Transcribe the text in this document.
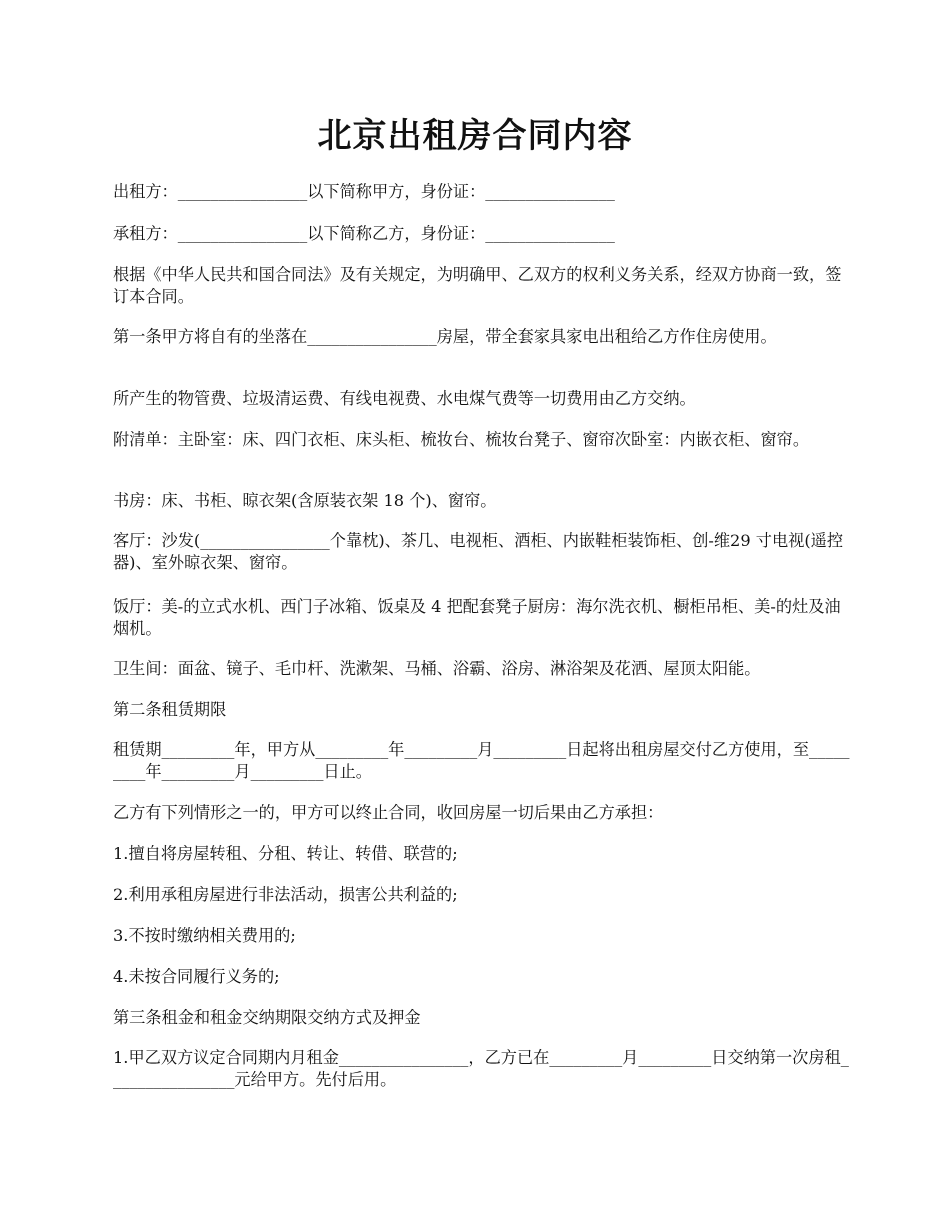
北京出租房合同内容

出租方：________________以下简称甲方，身份证：________________

承租方：________________以下简称乙方，身份证：________________

根据《中华人民共和国合同法》及有关规定，为明确甲、乙双方的权利义务关系，经双方协商一致，签订本合同。

第一条甲方将自有的坐落在________________房屋，带全套家具家电出租给乙方作住房使用。

所产生的物管费、垃圾清运费、有线电视费、水电煤气费等一切费用由乙方交纳。

附清单：主卧室：床、四门衣柜、床头柜、梳妆台、梳妆台凳子、窗帘次卧室：内嵌衣柜、窗帘。

书房：床、书柜、晾衣架(含原装衣架 18 个)、窗帘。

客厅：沙发(________________个靠枕)、茶几、电视柜、酒柜、内嵌鞋柜装饰柜、创-维29 寸电视(遥控器)、室外晾衣架、窗帘。

饭厅：美-的立式水机、西门子冰箱、饭桌及 4 把配套凳子厨房：海尔洗衣机、橱柜吊柜、美-的灶及油烟机。

卫生间：面盆、镜子、毛巾杆、洗漱架、马桶、浴霸、浴房、淋浴架及花洒、屋顶太阳能。

第二条租赁期限

租赁期_________年，甲方从_________年_________月_________日起将出租房屋交付乙方使用，至_________年_________月_________日止。

乙方有下列情形之一的，甲方可以终止合同，收回房屋一切后果由乙方承担：

1.擅自将房屋转租、分租、转让、转借、联营的;

2.利用承租房屋进行非法活动，损害公共利益的;

3.不按时缴纳相关费用的;

4.未按合同履行义务的;

第三条租金和租金交纳期限交纳方式及押金

1.甲乙双方议定合同期内月租金________________，乙方已在_________月_________日交纳第一次房租________________元给甲方。先付后用。
